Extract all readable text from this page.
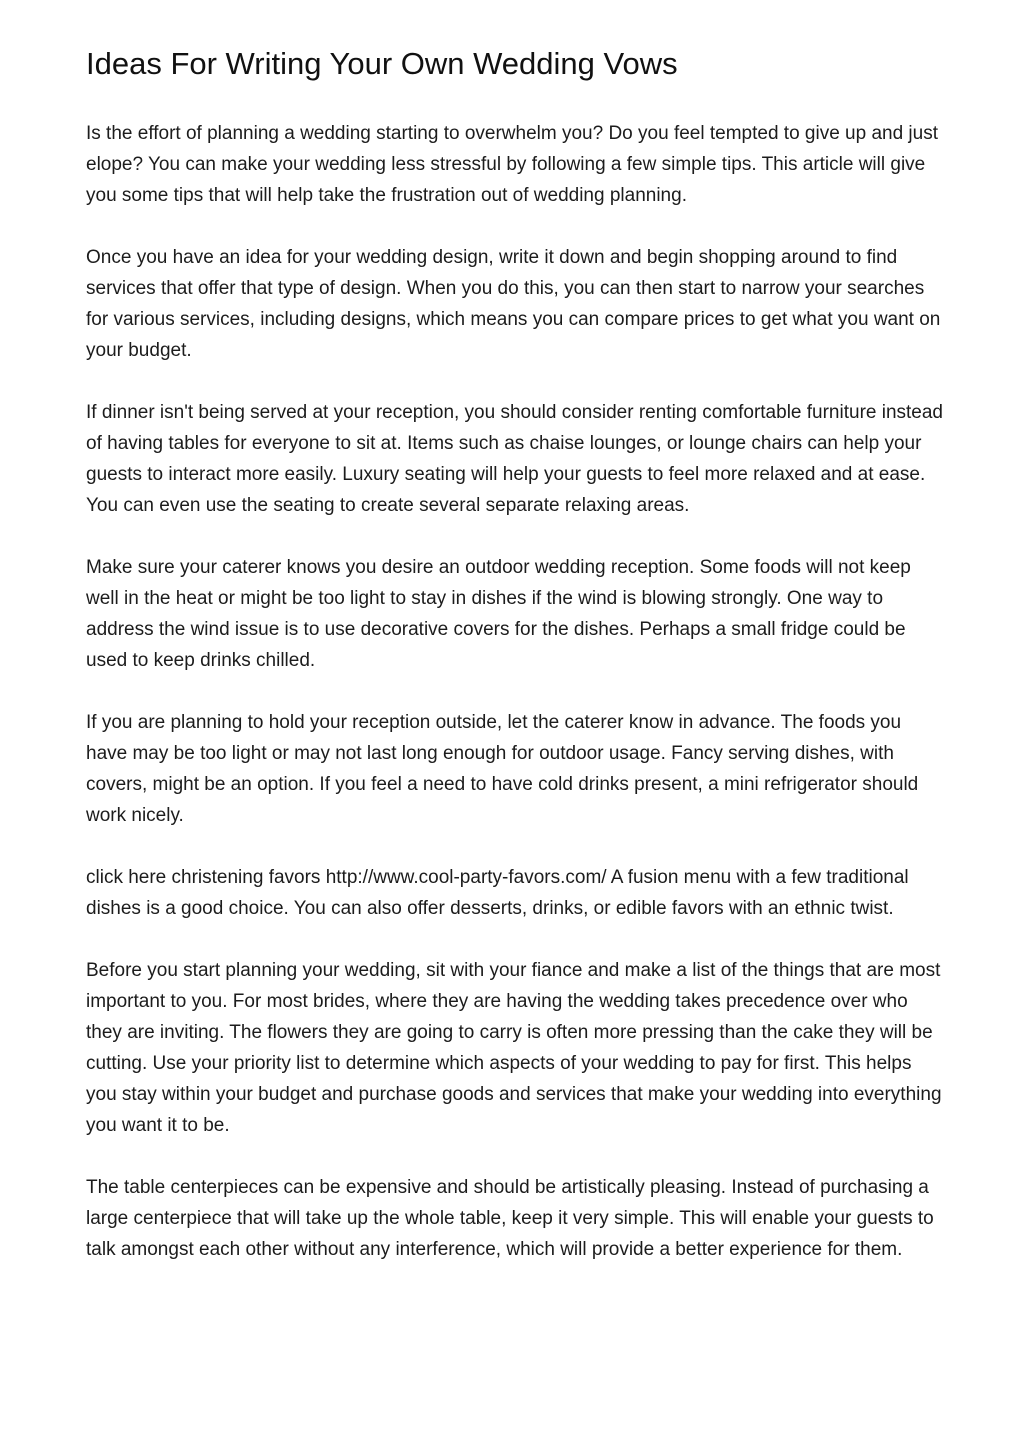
Ideas For Writing Your Own Wedding Vows

Is the effort of planning a wedding starting to overwhelm you? Do you feel tempted to give up and just elope? You can make your wedding less stressful by following a few simple tips. This article will give you some tips that will help take the frustration out of wedding planning.

Once you have an idea for your wedding design, write it down and begin shopping around to find services that offer that type of design. When you do this, you can then start to narrow your searches for various services, including designs, which means you can compare prices to get what you want on your budget.

If dinner isn't being served at your reception, you should consider renting comfortable furniture instead of having tables for everyone to sit at. Items such as chaise lounges, or lounge chairs can help your guests to interact more easily. Luxury seating will help your guests to feel more relaxed and at ease. You can even use the seating to create several separate relaxing areas.

Make sure your caterer knows you desire an outdoor wedding reception. Some foods will not keep well in the heat or might be too light to stay in dishes if the wind is blowing strongly. One way to address the wind issue is to use decorative covers for the dishes. Perhaps a small fridge could be used to keep drinks chilled.

If you are planning to hold your reception outside, let the caterer know in advance. The foods you have may be too light or may not last long enough for outdoor usage. Fancy serving dishes, with covers, might be an option. If you feel a need to have cold drinks present, a mini refrigerator should work nicely.

click here christening favors http://www.cool-party-favors.com/ A fusion menu with a few traditional dishes is a good choice. You can also offer desserts, drinks, or edible favors with an ethnic twist.

Before you start planning your wedding, sit with your fiance and make a list of the things that are most important to you. For most brides, where they are having the wedding takes precedence over who they are inviting. The flowers they are going to carry is often more pressing than the cake they will be cutting. Use your priority list to determine which aspects of your wedding to pay for first. This helps you stay within your budget and purchase goods and services that make your wedding into everything you want it to be.

The table centerpieces can be expensive and should be artistically pleasing. Instead of purchasing a large centerpiece that will take up the whole table, keep it very simple. This will enable your guests to talk amongst each other without any interference, which will provide a better experience for them.
